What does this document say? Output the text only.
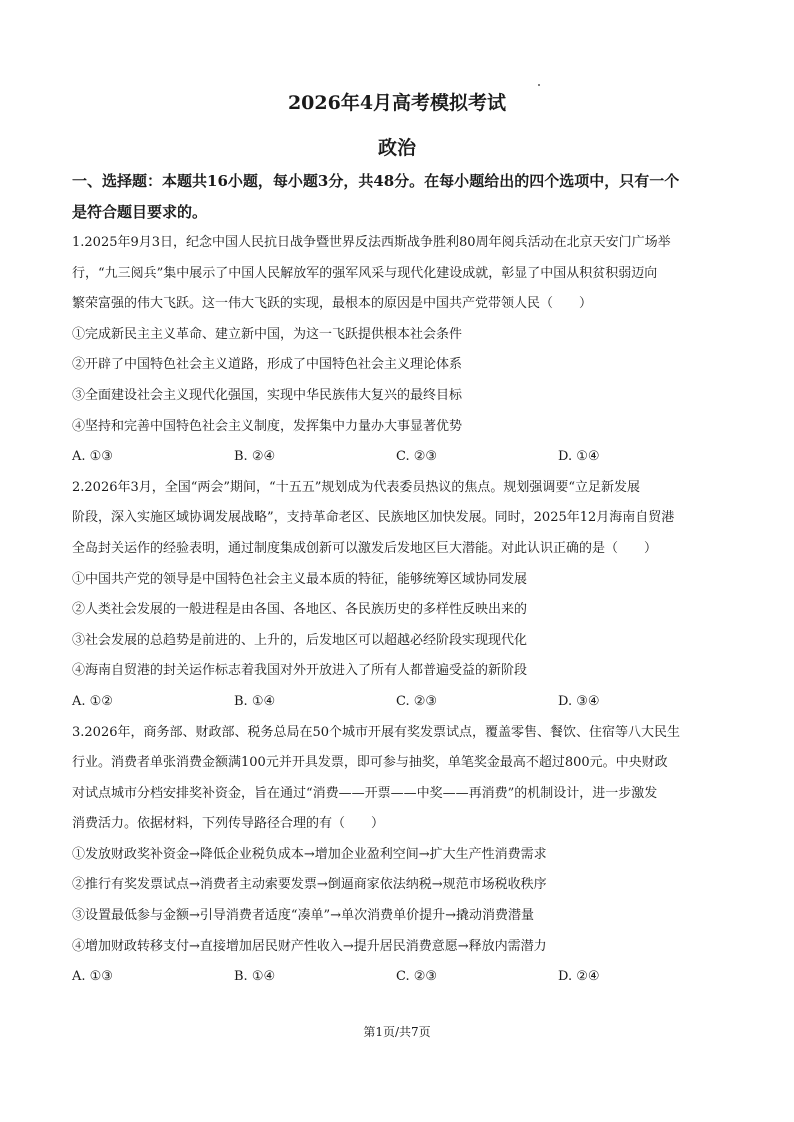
2026年4月高考模拟考试
政治
一、选择题：本题共16小题，每小题3分，共48分。在每小题给出的四个选项中，只有一个
是符合题目要求的。
1.2025年9月3日，纪念中国人民抗日战争暨世界反法西斯战争胜利80周年阅兵活动在北京天安门广场举
行，“九三阅兵”集中展示了中国人民解放军的强军风采与现代化建设成就，彰显了中国从积贫积弱迈向
繁荣富强的伟大飞跃。这一伟大飞跃的实现，最根本的原因是中国共产党带领人民（　　）
①完成新民主主义革命、建立新中国，为这一飞跃提供根本社会条件
②开辟了中国特色社会主义道路，形成了中国特色社会主义理论体系
③全面建设社会主义现代化强国，实现中华民族伟大复兴的最终目标
④坚持和完善中国特色社会主义制度，发挥集中力量办大事显著优势
A. ①③	B. ②④	C. ②③	D. ①④
2.2026年3月，全国“两会”期间，“十五五”规划成为代表委员热议的焦点。规划强调要“立足新发展
阶段，深入实施区域协调发展战略”，支持革命老区、民族地区加快发展。同时，2025年12月海南自贸港
全岛封关运作的经验表明，通过制度集成创新可以激发后发地区巨大潜能。对此认识正确的是（　　）
①中国共产党的领导是中国特色社会主义最本质的特征，能够统筹区域协同发展
②人类社会发展的一般进程是由各国、各地区、各民族历史的多样性反映出来的
③社会发展的总趋势是前进的、上升的，后发地区可以超越必经阶段实现现代化
④海南自贸港的封关运作标志着我国对外开放进入了所有人都普遍受益的新阶段
A. ①②	B. ①④	C. ②③	D. ③④
3.2026年，商务部、财政部、税务总局在50个城市开展有奖发票试点，覆盖零售、餐饮、住宿等八大民生
行业。消费者单张消费金额满100元并开具发票，即可参与抽奖，单笔奖金最高不超过800元。中央财政
对试点城市分档安排奖补资金，旨在通过“消费——开票——中奖——再消费”的机制设计，进一步激发
消费活力。依据材料，下列传导路径合理的有（　　）
①发放财政奖补资金→降低企业税负成本→增加企业盈利空间→扩大生产性消费需求
②推行有奖发票试点→消费者主动索要发票→倒逼商家依法纳税→规范市场税收秩序
③设置最低参与金额→引导消费者适度“凑单”→单次消费单价提升→撬动消费潜量
④增加财政转移支付→直接增加居民财产性收入→提升居民消费意愿→释放内需潜力
A. ①③	B. ①④	C. ②③	D. ②④
第1页/共7页
